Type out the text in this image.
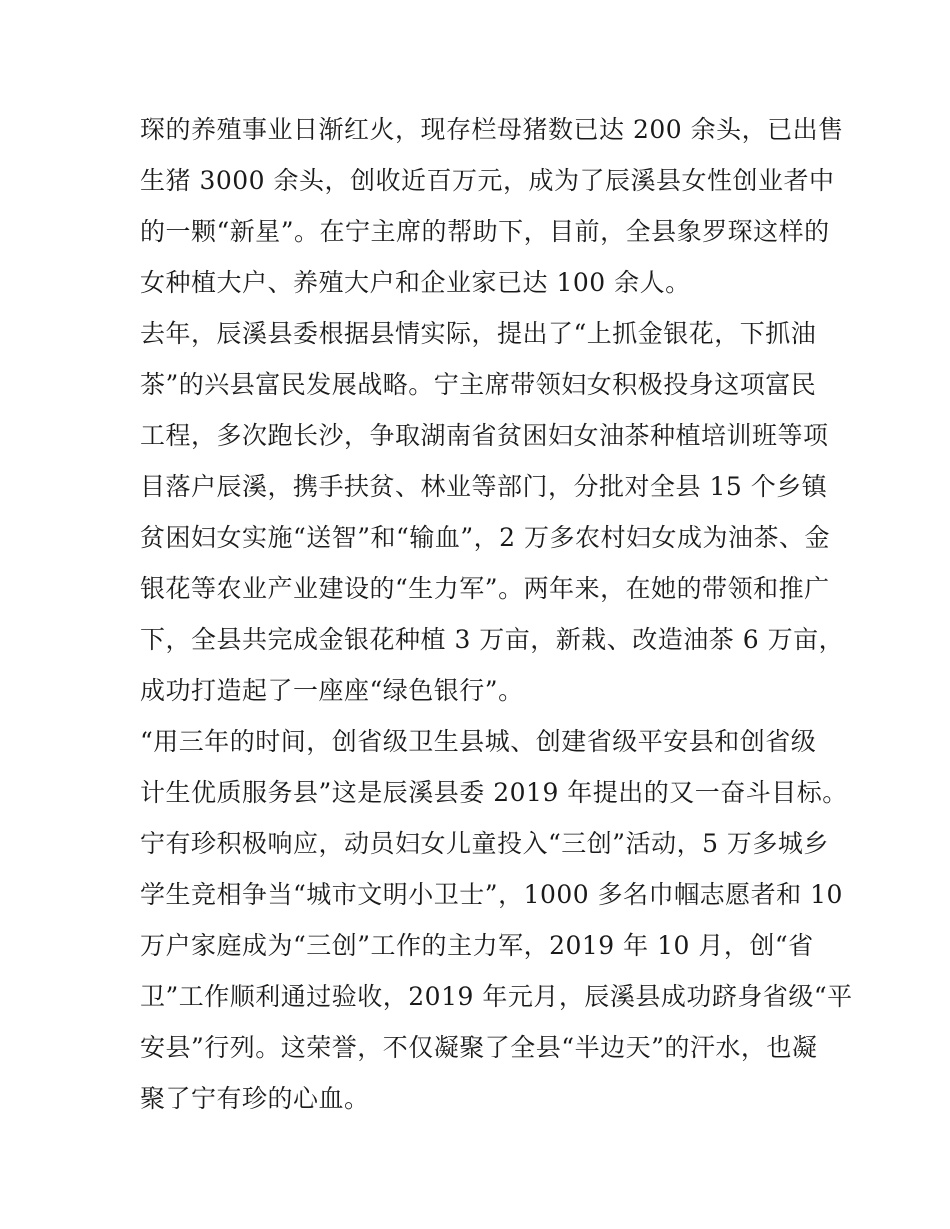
琛的养殖事业日渐红火，现存栏母猪数已达 200 余头，已出售
生猪 3000 余头，创收近百万元，成为了辰溪县女性创业者中
的一颗“新星”。在宁主席的帮助下，目前，全县象罗琛这样的
女种植大户、养殖大户和企业家已达 100 余人。
去年，辰溪县委根据县情实际，提出了“上抓金银花，下抓油
茶”的兴县富民发展战略。宁主席带领妇女积极投身这项富民
工程，多次跑长沙，争取湖南省贫困妇女油茶种植培训班等项
目落户辰溪，携手扶贫、林业等部门，分批对全县 15 个乡镇
贫困妇女实施“送智”和“输血”，2 万多农村妇女成为油茶、金
银花等农业产业建设的“生力军”。两年来，在她的带领和推广
下，全县共完成金银花种植 3 万亩，新栽、改造油茶 6 万亩，
成功打造起了一座座“绿色银行”。
“用三年的时间，创省级卫生县城、创建省级平安县和创省级
计生优质服务县”这是辰溪县委 2019 年提出的又一奋斗目标。
宁有珍积极响应，动员妇女儿童投入“三创”活动，5 万多城乡
学生竞相争当“城市文明小卫士”，1000 多名巾帼志愿者和 10
万户家庭成为“三创”工作的主力军，2019 年 10 月，创“省
卫”工作顺利通过验收，2019 年元月，辰溪县成功跻身省级“平
安县”行列。这荣誉，不仅凝聚了全县“半边天”的汗水，也凝
聚了宁有珍的心血。
